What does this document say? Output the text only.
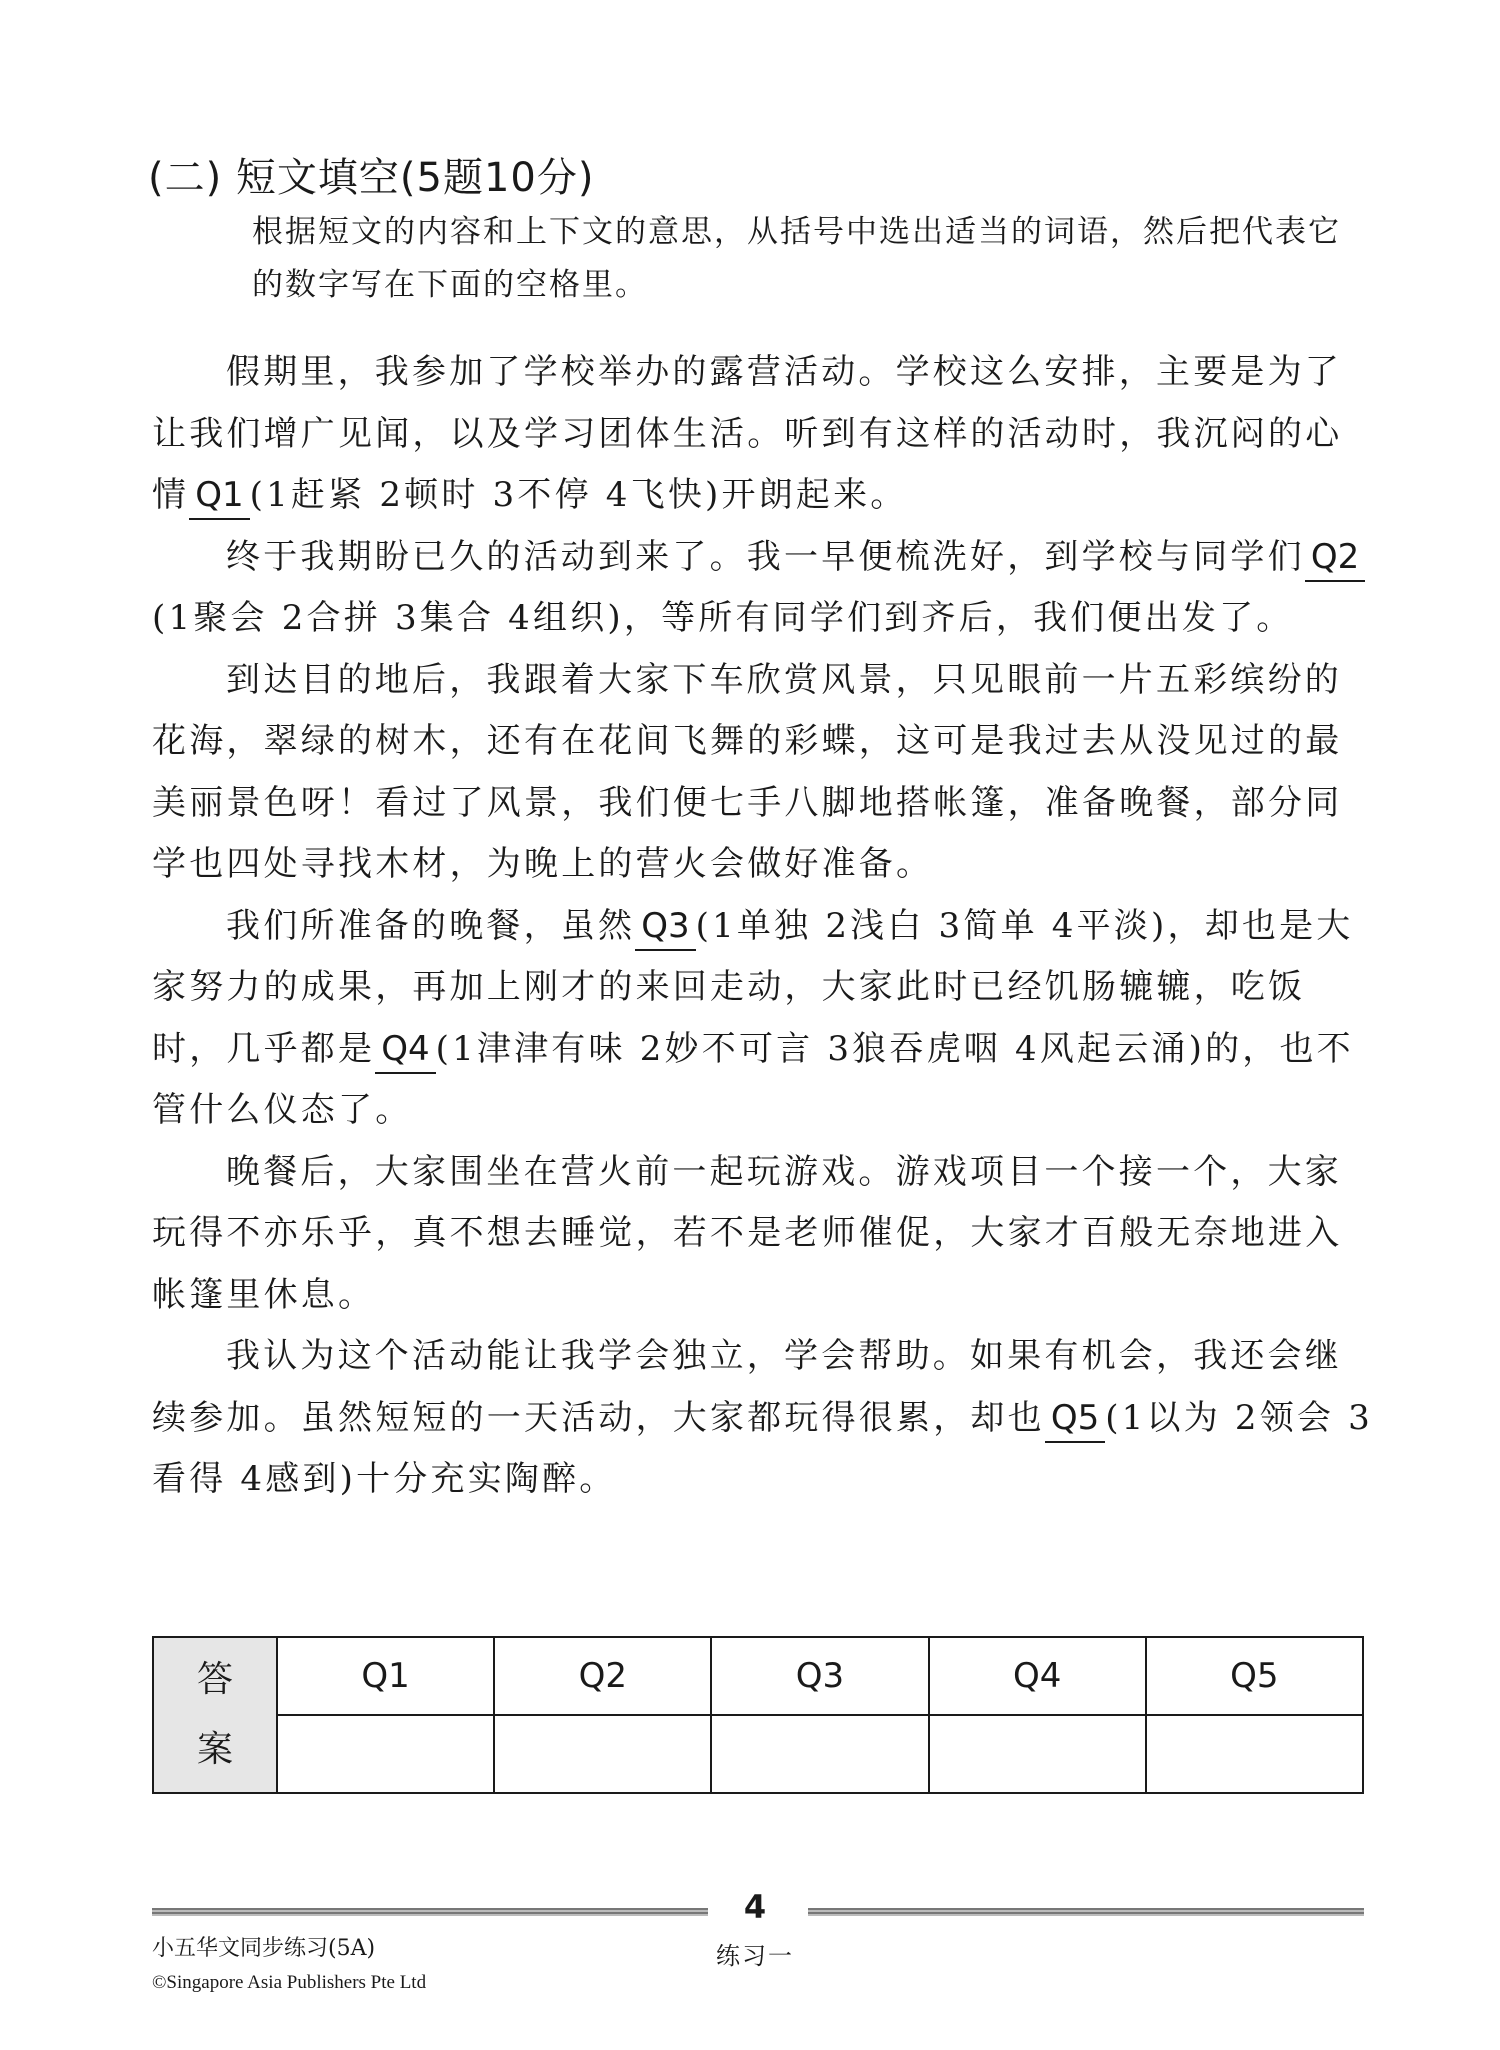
(二) 短文填空(5题10分)
根据短文的内容和上下文的意思，从括号中选出适当的词语，然后把代表它的数字写在下面的空格里。

假期里，我参加了学校举办的露营活动。学校这么安排，主要是为了让我们增广见闻，以及学习团体生活。听到有这样的活动时，我沉闷的心情 Q1 (1赶紧 2顿时 3不停 4飞快)开朗起来。

终于我期盼已久的活动到来了。我一早便梳洗好，到学校与同学们 Q2(1聚会 2合拼 3集合 4组织)，等所有同学们到齐后，我们便出发了。

到达目的地后，我跟着大家下车欣赏风景，只见眼前一片五彩缤纷的花海，翠绿的树木，还有在花间飞舞的彩蝶，这可是我过去从没见过的最美丽景色呀！看过了风景，我们便七手八脚地搭帐篷，准备晚餐，部分同学也四处寻找木材，为晚上的营火会做好准备。

我们所准备的晚餐，虽然 Q3 (1单独 2浅白 3简单 4平淡)，却也是大家努力的成果，再加上刚才的来回走动，大家此时已经饥肠辘辘，吃饭时，几乎都是 Q4 (1津津有味 2妙不可言 3狼吞虎咽 4风起云涌)的，也不管什么仪态了。

晚餐后，大家围坐在营火前一起玩游戏。游戏项目一个接一个，大家玩得不亦乐乎，真不想去睡觉，若不是老师催促，大家才百般无奈地进入帐篷里休息。

我认为这个活动能让我学会独立，学会帮助。如果有机会，我还会继续参加。虽然短短的一天活动，大家都玩得很累，却也 Q5 (1以为 2领会 3看得 4感到)十分充实陶醉。

答
案	Q1	Q2	Q3	Q4	Q5

4
小五华文同步练习(5A)
©Singapore Asia Publishers Pte Ltd
练习一
